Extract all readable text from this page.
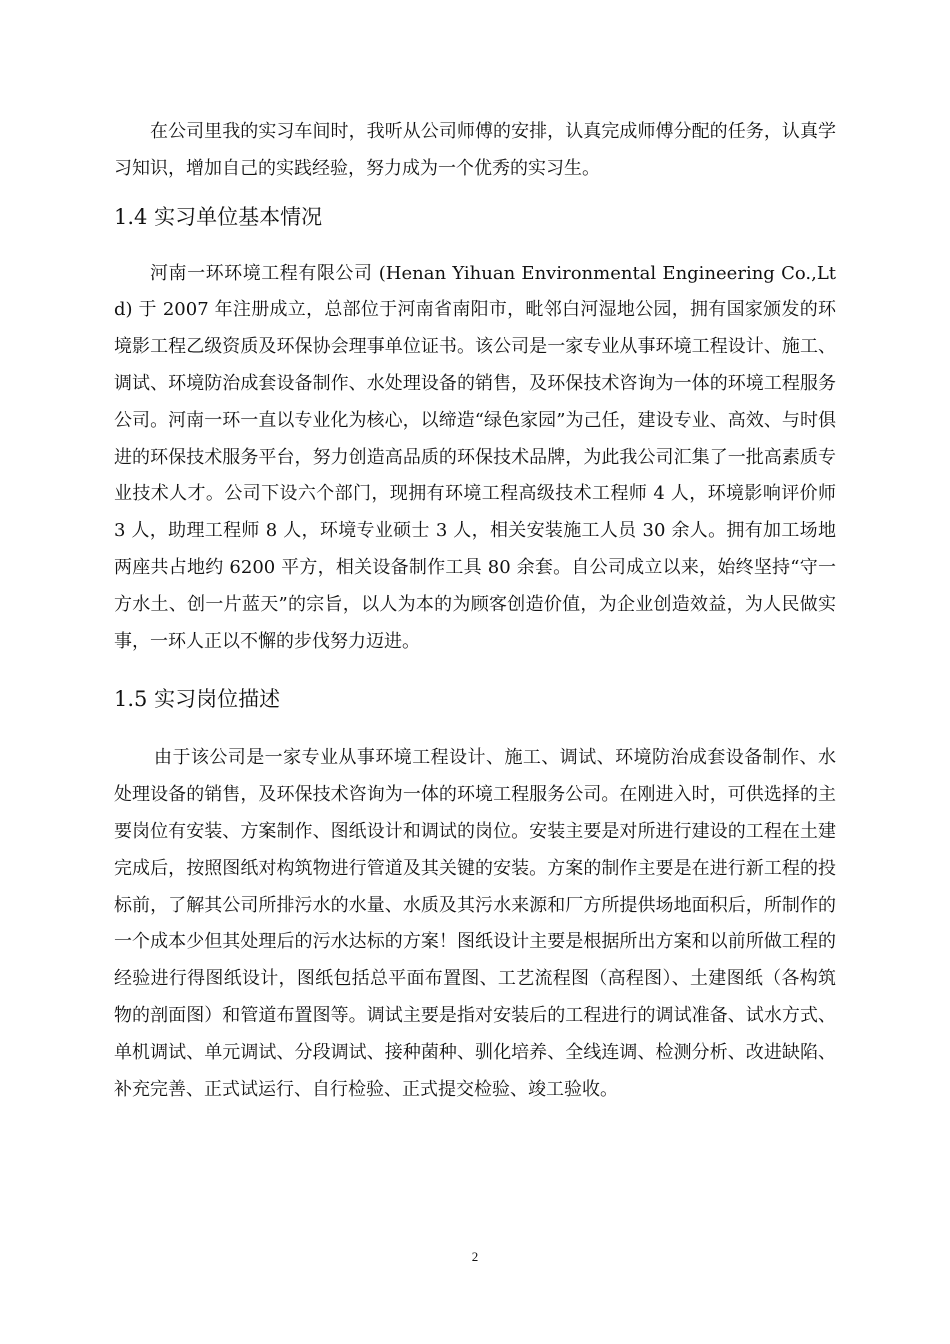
在公司里我的实习车间时，我听从公司师傅的安排，认真完成师傅分配的任务，认真学习知识，增加自己的实践经验，努力成为一个优秀的实习生。

1.4 实习单位基本情况

河南一环环境工程有限公司 (Henan Yihuan Environmental Engineering Co.,Ltd) 于 2007 年注册成立，总部位于河南省南阳市，毗邻白河湿地公园，拥有国家颁发的环境影工程乙级资质及环保协会理事单位证书。该公司是一家专业从事环境工程设计、施工、调试、环境防治成套设备制作、水处理设备的销售，及环保技术咨询为一体的环境工程服务公司。河南一环一直以专业化为核心，以缔造“绿色家园”为己任，建设专业、高效、与时俱进的环保技术服务平台，努力创造高品质的环保技术品牌，为此我公司汇集了一批高素质专业技术人才。公司下设六个部门，现拥有环境工程高级技术工程师 4 人，环境影响评价师 3 人，助理工程师 8 人，环境专业硕士 3 人，相关安装施工人员 30 余人。拥有加工场地两座共占地约 6200 平方，相关设备制作工具 80 余套。自公司成立以来，始终坚持“守一方水土、创一片蓝天”的宗旨，以人为本的为顾客创造价值，为企业创造效益，为人民做实事，一环人正以不懈的步伐努力迈进。

1.5 实习岗位描述

由于该公司是一家专业从事环境工程设计、施工、调试、环境防治成套设备制作、水处理设备的销售，及环保技术咨询为一体的环境工程服务公司。在刚进入时，可供选择的主要岗位有安装、方案制作、图纸设计和调试的岗位。安装主要是对所进行建设的工程在土建完成后，按照图纸对构筑物进行管道及其关键的安装。方案的制作主要是在进行新工程的投标前，了解其公司所排污水的水量、水质及其污水来源和厂方所提供场地面积后，所制作的一个成本少但其处理后的污水达标的方案！图纸设计主要是根据所出方案和以前所做工程的经验进行得图纸设计，图纸包括总平面布置图、工艺流程图（高程图）、土建图纸（各构筑物的剖面图）和管道布置图等。调试主要是指对安装后的工程进行的调试准备、试水方式、单机调试、单元调试、分段调试、接种菌种、驯化培养、全线连调、检测分析、改进缺陷、补充完善、正式试运行、自行检验、正式提交检验、竣工验收。

2
